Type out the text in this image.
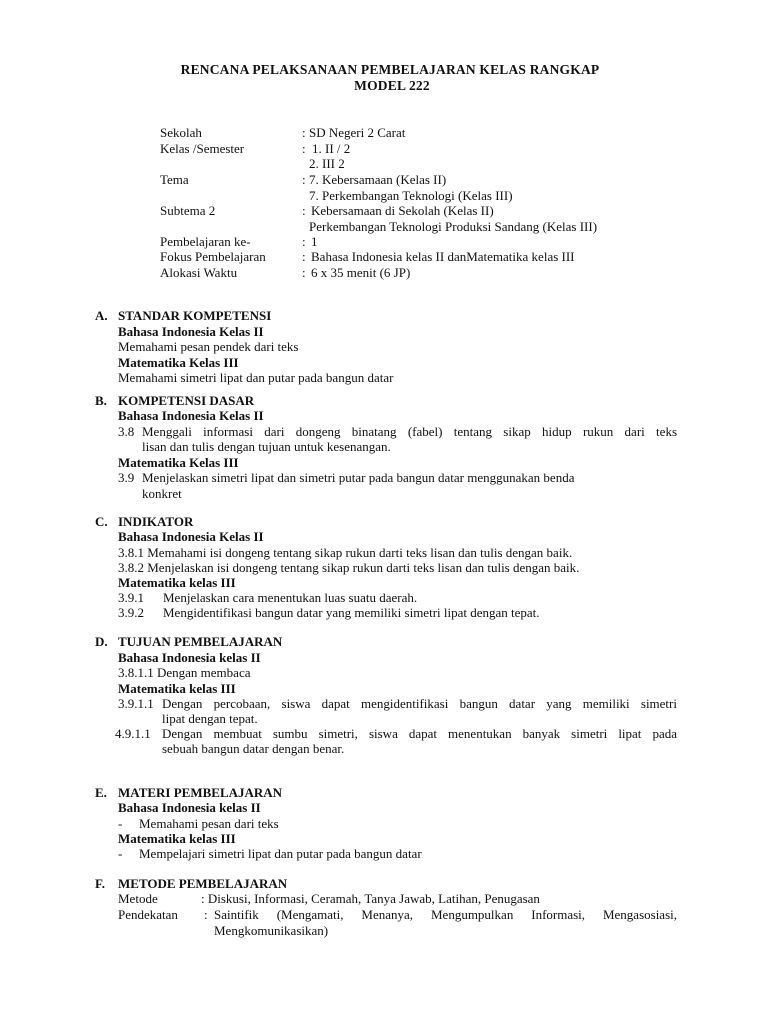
RENCANA PELAKSANAAN PEMBELAJARAN KELAS RANGKAP
MODEL 222
Sekolah	: SD Negeri 2 Carat
Kelas /Semester	: 1. II / 2
2. III 2
Tema	: 7. Kebersamaan (Kelas II)
7. Perkembangan Teknologi (Kelas III)
Subtema 2	: Kebersamaan di Sekolah (Kelas II)
Perkembangan Teknologi Produksi Sandang (Kelas III)
Pembelajaran ke-	: 1
Fokus Pembelajaran	: Bahasa Indonesia kelas II danMatematika kelas III
Alokasi Waktu	: 6 x 35 menit (6 JP)
A. STANDAR KOMPETENSI
Bahasa Indonesia Kelas II
Memahami pesan pendek dari teks
Matematika Kelas III
Memahami simetri lipat dan putar pada bangun datar
B. KOMPETENSI DASAR
Bahasa Indonesia Kelas II
3.8 Menggali informasi dari dongeng binatang (fabel) tentang sikap hidup rukun dari teks
lisan dan tulis dengan tujuan untuk kesenangan.
Matematika Kelas III
3.9 Menjelaskan simetri lipat dan simetri putar pada bangun datar menggunakan benda
konkret
C. INDIKATOR
Bahasa Indonesia Kelas II
3.8.1 Memahami isi dongeng tentang sikap rukun darti teks lisan dan tulis dengan baik.
3.8.2 Menjelaskan isi dongeng tentang sikap rukun darti teks lisan dan tulis dengan baik.
Matematika kelas III
3.9.1 Menjelaskan cara menentukan luas suatu daerah.
3.9.2 Mengidentifikasi bangun datar yang memiliki simetri lipat dengan tepat.
D. TUJUAN PEMBELAJARAN
Bahasa Indonesia kelas II
3.8.1.1 Dengan membaca
Matematika kelas III
3.9.1.1 Dengan percobaan, siswa dapat mengidentifikasi bangun datar yang memiliki simetri
lipat dengan tepat.
4.9.1.1 Dengan membuat sumbu simetri, siswa dapat menentukan banyak simetri lipat pada
sebuah bangun datar dengan benar.
E. MATERI PEMBELAJARAN
Bahasa Indonesia kelas II
- Memahami pesan dari teks
Matematika kelas III
- Mempelajari simetri lipat dan putar pada bangun datar
F. METODE PEMBELAJARAN
Metode	: Diskusi, Informasi, Ceramah, Tanya Jawab, Latihan, Penugasan
Pendekatan : Saintifik (Mengamati, Menanya, Mengumpulkan Informasi, Mengasosiasi,
Mengkomunikasikan)
